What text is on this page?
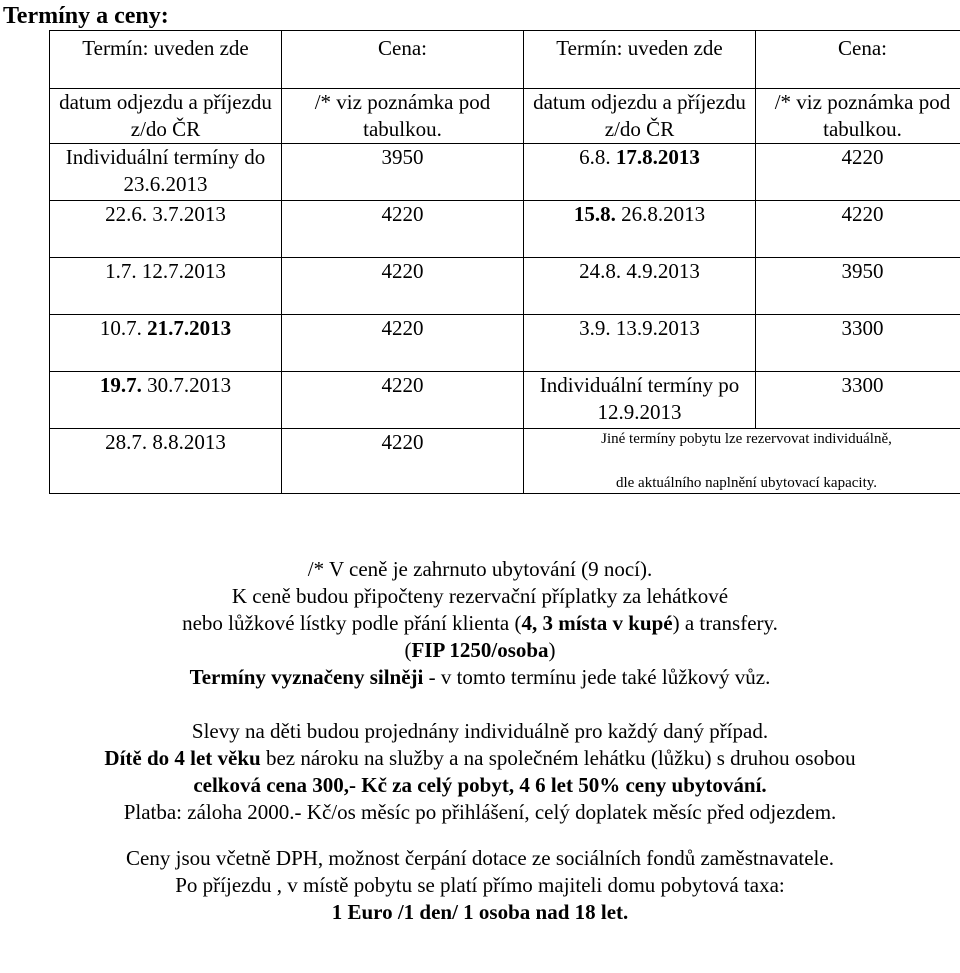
Termíny a ceny:
Termín: uveden zde	Cena:	Termín: uveden zde	Cena:
datum odjezdu a příjezdu z/do ČR	/* viz poznámka pod tabulkou.	datum odjezdu a příjezdu z/do ČR	/* viz poznámka pod tabulkou.
Individuální termíny do 23.6.2013	3950	6.8. 17.8.2013	4220
22.6. 3.7.2013	4220	15.8. 26.8.2013	4220
1.7. 12.7.2013	4220	24.8. 4.9.2013	3950
10.7. 21.7.2013	4220	3.9. 13.9.2013	3300
19.7. 30.7.2013	4220	Individuální termíny po 12.9.2013	3300
28.7. 8.8.2013	4220	Jiné termíny pobytu lze rezervovat individuálně,
dle aktuálního naplnění ubytovací kapacity.	

/* V ceně je zahrnuto ubytování (9 nocí).

K ceně budou připočteny rezervační příplatky za lehátkové

nebo lůžkové lístky podle přání klienta (4, 3 místa v kupé) a transfery.

(FIP 1250/osoba)

Termíny vyznačeny silněji - v tomto termínu jede také lůžkový vůz.

Slevy na děti budou projednány individuálně pro každý daný případ.

Dítě do 4 let věku bez nároku na služby a na společném lehátku (lůžku) s druhou osobou

celková cena 300,- Kč za celý pobyt, 4 6 let 50% ceny ubytování.

Platba: záloha 2000.- Kč/os měsíc po přihlášení, celý doplatek měsíc před odjezdem.

Ceny jsou včetně DPH, možnost čerpání dotace ze sociálních fondů zaměstnavatele.

Po příjezdu , v místě pobytu se platí přímo majiteli domu pobytová taxa:

1 Euro /1 den/ 1 osoba nad 18 let.
